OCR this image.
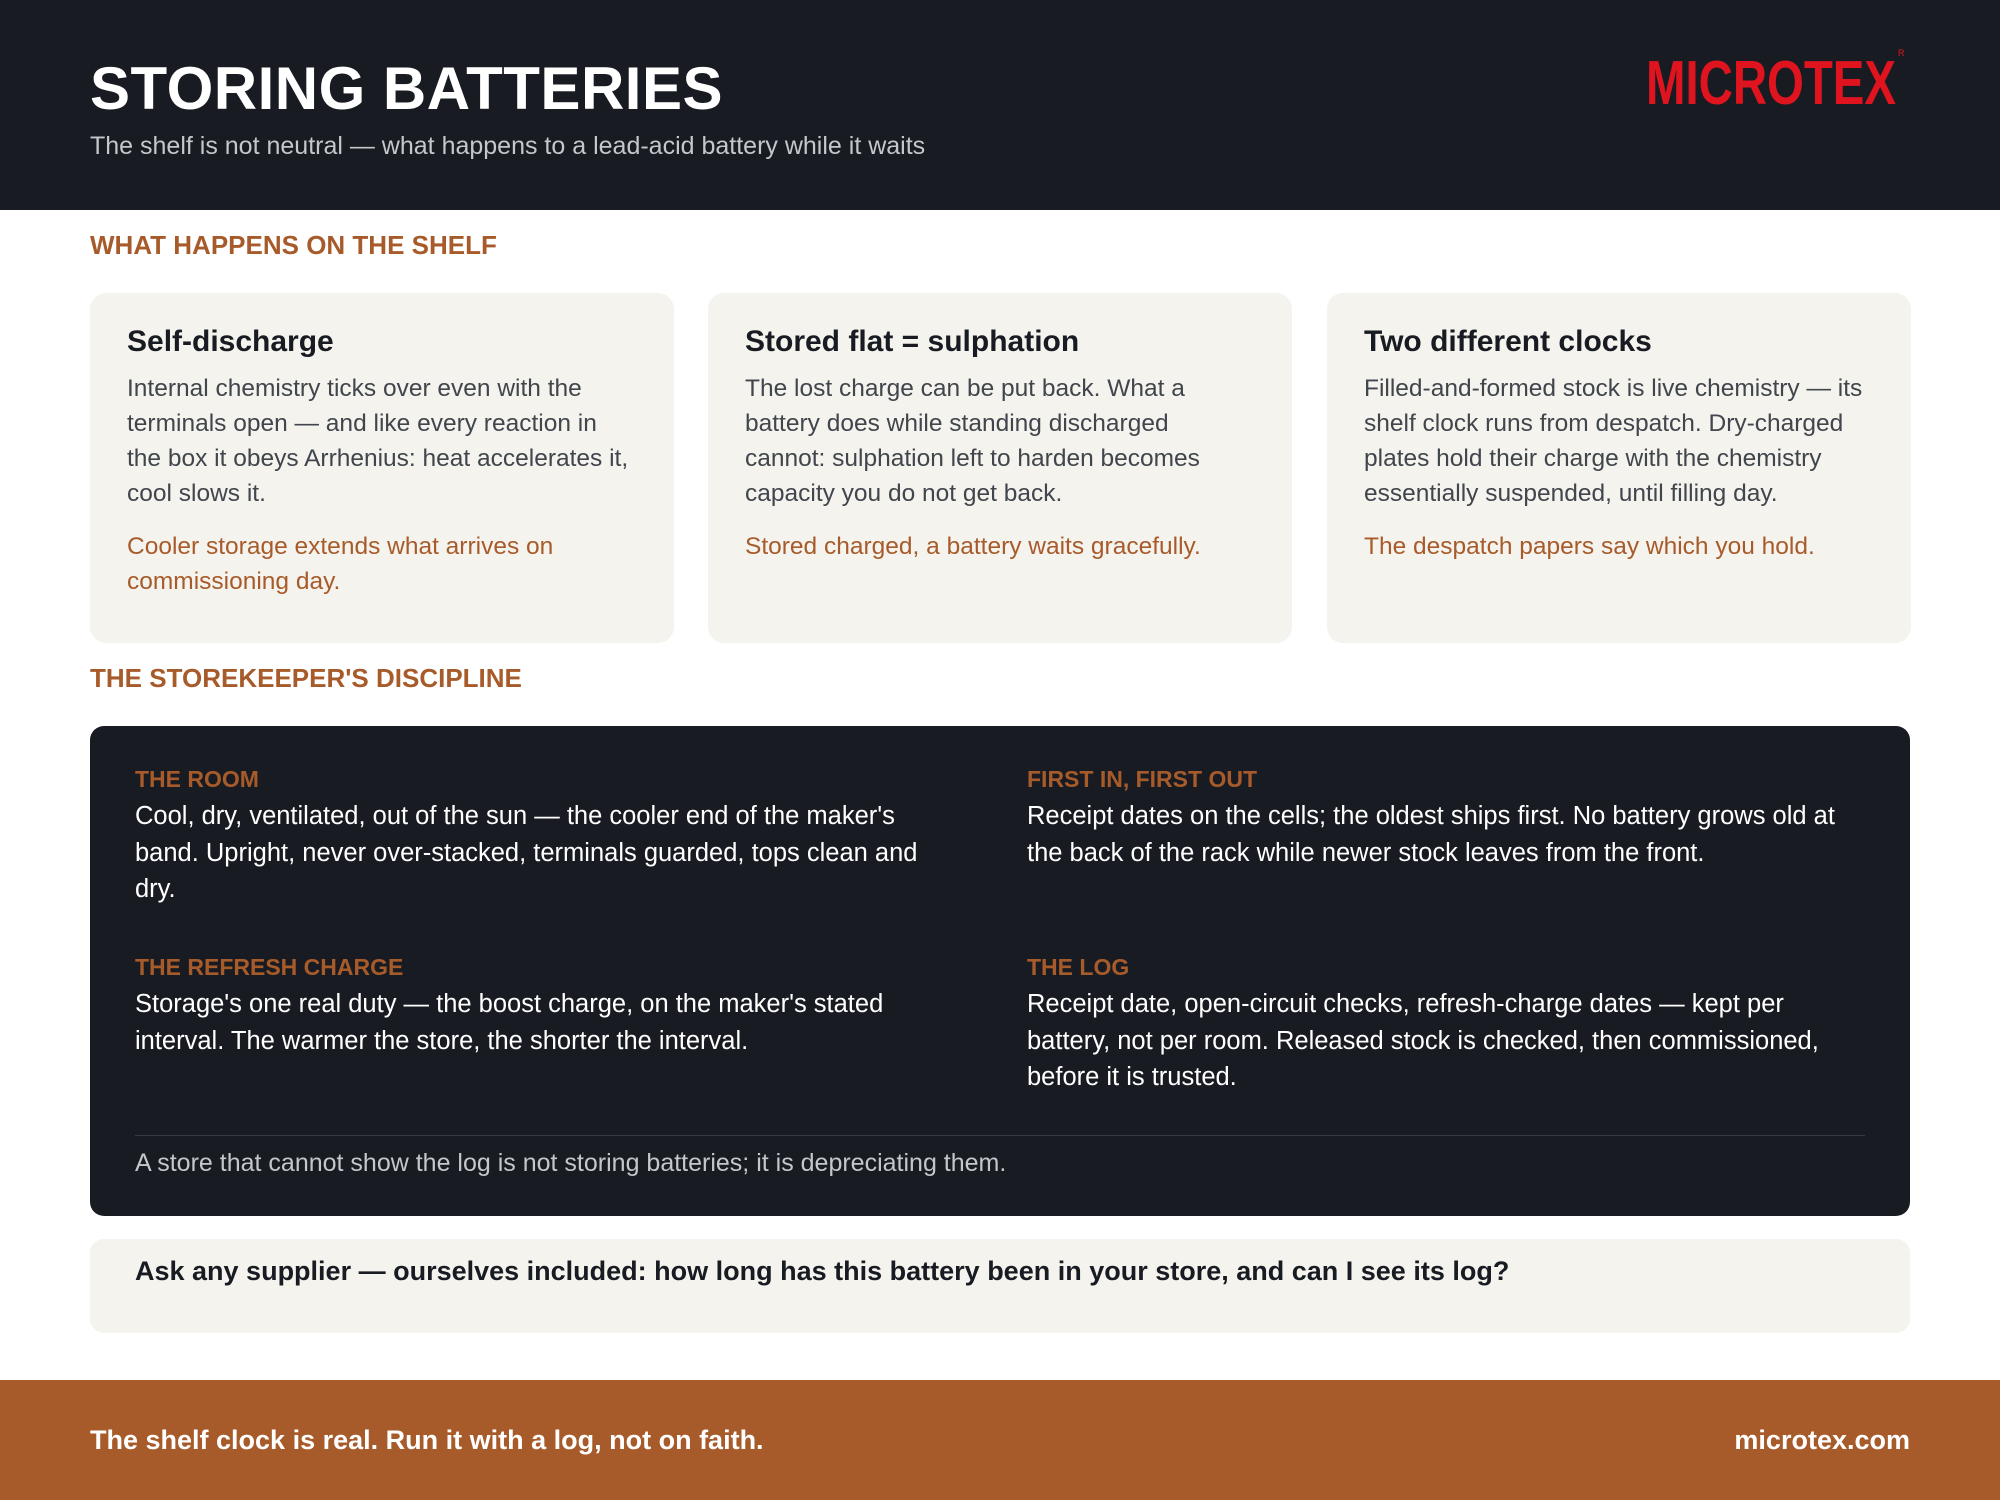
STORING BATTERIES
The shelf is not neutral — what happens to a lead-acid battery while it waits
MICROTEX R
WHAT HAPPENS ON THE SHELF
Self-discharge
Internal chemistry ticks over even with the terminals open — and like every reaction in the box it obeys Arrhenius: heat accelerates it, cool slows it.
Cooler storage extends what arrives on commissioning day.
Stored flat = sulphation
The lost charge can be put back. What a battery does while standing discharged cannot: sulphation left to harden becomes capacity you do not get back.
Stored charged, a battery waits gracefully.
Two different clocks
Filled-and-formed stock is live chemistry — its shelf clock runs from despatch. Dry-charged plates hold their charge with the chemistry essentially suspended, until filling day.
The despatch papers say which you hold.
THE STOREKEEPER'S DISCIPLINE
THE ROOM
Cool, dry, ventilated, out of the sun — the cooler end of the maker's band. Upright, never over-stacked, terminals guarded, tops clean and dry.
FIRST IN, FIRST OUT
Receipt dates on the cells; the oldest ships first. No battery grows old at the back of the rack while newer stock leaves from the front.
THE REFRESH CHARGE
Storage's one real duty — the boost charge, on the maker's stated interval. The warmer the store, the shorter the interval.
THE LOG
Receipt date, open-circuit checks, refresh-charge dates — kept per battery, not per room. Released stock is checked, then commissioned, before it is trusted.
A store that cannot show the log is not storing batteries; it is depreciating them.
Ask any supplier — ourselves included: how long has this battery been in your store, and can I see its log?
The shelf clock is real. Run it with a log, not on faith.	microtex.com
